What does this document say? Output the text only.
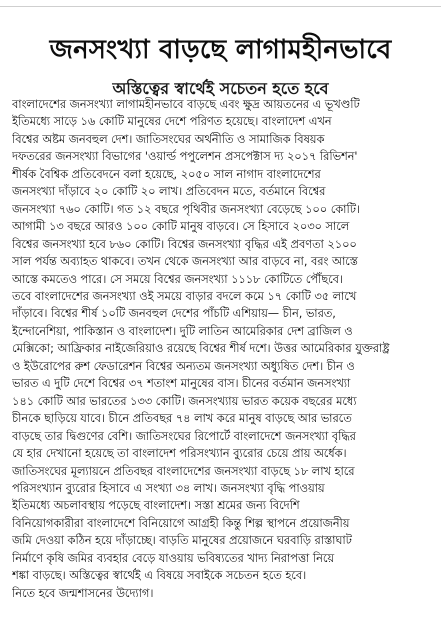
জনসংখ্যা বাড়ছে লাগামহীনভাবে
অস্তিত্বের স্বার্থেই সচেতন হতে হবে
বাংলাদেশের জনসংখ্যা লাগামহীনভাবে বাড়ছে এবং ক্ষুদ্র আয়তনের এ ভূখণ্ডটি
ইতিমধ্যে সাড়ে ১৬ কোটি মানুষের দেশে পরিণত হয়েছে। বাংলাদেশ এখন
বিশ্বের অষ্টম জনবহুল দেশ। জাতিসংঘের অর্থনীতি ও সামাজিক বিষয়ক
দফতরের জনসংখ্যা বিভাগের 'ওয়ার্ল্ড পপুলেশন প্রসপেক্টাস দ্য ২০১৭ রিভিশন'
শীর্ষক বৈশ্বিক প্রতিবেদনে বলা হয়েছে, ২০৫০ সাল নাগাদ বাংলাদেশের
জনসংখ্যা দাঁড়াবে ২০ কোটি ২০ লাখ। প্রতিবেদন মতে, বর্তমানে বিশ্বের
জনসংখ্যা ৭৬০ কোটি। গত ১২ বছরে পৃথিবীর জনসংখ্যা বেড়েছে ১০০ কোটি।
আগামী ১৩ বছরে আরও ১০০ কোটি মানুষ বাড়বে। সে হিসাবে ২০৩০ সালে
বিশ্বের জনসংখ্যা হবে ৮৬০ কোটি। বিশ্বের জনসংখ্যা বৃদ্ধির এই প্রবণতা ২১০০
সাল পর্যন্ত অব্যাহত থাকবে। তখন থেকে জনসংখ্যা আর বাড়বে না, বরং আস্তে
আস্তে কমতেও পারে। সে সময়ে বিশ্বের জনসংখ্যা ১১১৮ কোটিতে পৌঁছবে।
তবে বাংলাদেশের জনসংখ্যা ওই সময়ে বাড়ার বদলে কমে ১৭ কোটি ৩৫ লাখে
দাঁড়াবে। বিশ্বের শীর্ষ ১০টি জনবহুল দেশের পাঁচটি এশিয়ায়— চীন, ভারত,
ইন্দোনেশিয়া, পাকিস্তান ও বাংলাদেশ। দুটি লাতিন আমেরিকার দেশ ব্রাজিল ও
মেক্সিকো; আফ্রিকার নাইজেরিয়াও রয়েছে বিশ্বের শীর্ষ দশে। উত্তর আমেরিকার যুক্তরাষ্ট্র
ও ইউরোপের রুশ ফেডারেশন বিশ্বের অন্যতম জনসংখ্যা অধ্যুষিত দেশ। চীন ও
ভারত এ দুটি দেশে বিশ্বের ৩৭ শতাংশ মানুষের বাস। চীনের বর্তমান জনসংখ্যা
১৪১ কোটি আর ভারতের ১৩৩ কোটি। জনসংখ্যায় ভারত কয়েক বছরের মধ্যে
চীনকে ছাড়িয়ে যাবে। চীনে প্রতিবছর ৭৪ লাখ করে মানুষ বাড়ছে আর ভারতে
বাড়ছে তার দ্বিগুণের বেশি। জাতিসংঘের রিপোর্টে বাংলাদেশে জনসংখ্যা বৃদ্ধির
যে হার দেখানো হয়েছে তা বাংলাদেশ পরিসংখ্যান ব্যুরোর চেয়ে প্রায় অর্ধেক।
জাতিসংঘের মূল্যায়নে প্রতিবছর বাংলাদেশের জনসংখ্যা বাড়ছে ১৮ লাখ হারে
পরিসংখ্যান ব্যুরোর হিসাবে এ সংখ্যা ৩৪ লাখ। জনসংখ্যা বৃদ্ধি পাওয়ায়
ইতিমধ্যে অচলাবস্থায় পড়েছে বাংলাদেশ। সস্তা শ্রমের জন্য বিদেশি
বিনিয়োগকারীরা বাংলাদেশে বিনিয়োগে আগ্রহী কিন্তু শিল্প স্থাপনে প্রয়োজনীয়
জমি দেওয়া কঠিন হয়ে দাঁড়াচ্ছে। বাড়তি মানুষের প্রয়োজনে ঘরবাড়ি রাস্তাঘাট
নির্মাণে কৃষি জমির ব্যবহার বেড়ে যাওয়ায় ভবিষ্যতের খাদ্য নিরাপত্তা নিয়ে
শঙ্কা বাড়ছে। অস্তিত্বের স্বার্থেই এ বিষয়ে সবাইকে সচেতন হতে হবে।
নিতে হবে জন্মশাসনের উদ্যোগ।
